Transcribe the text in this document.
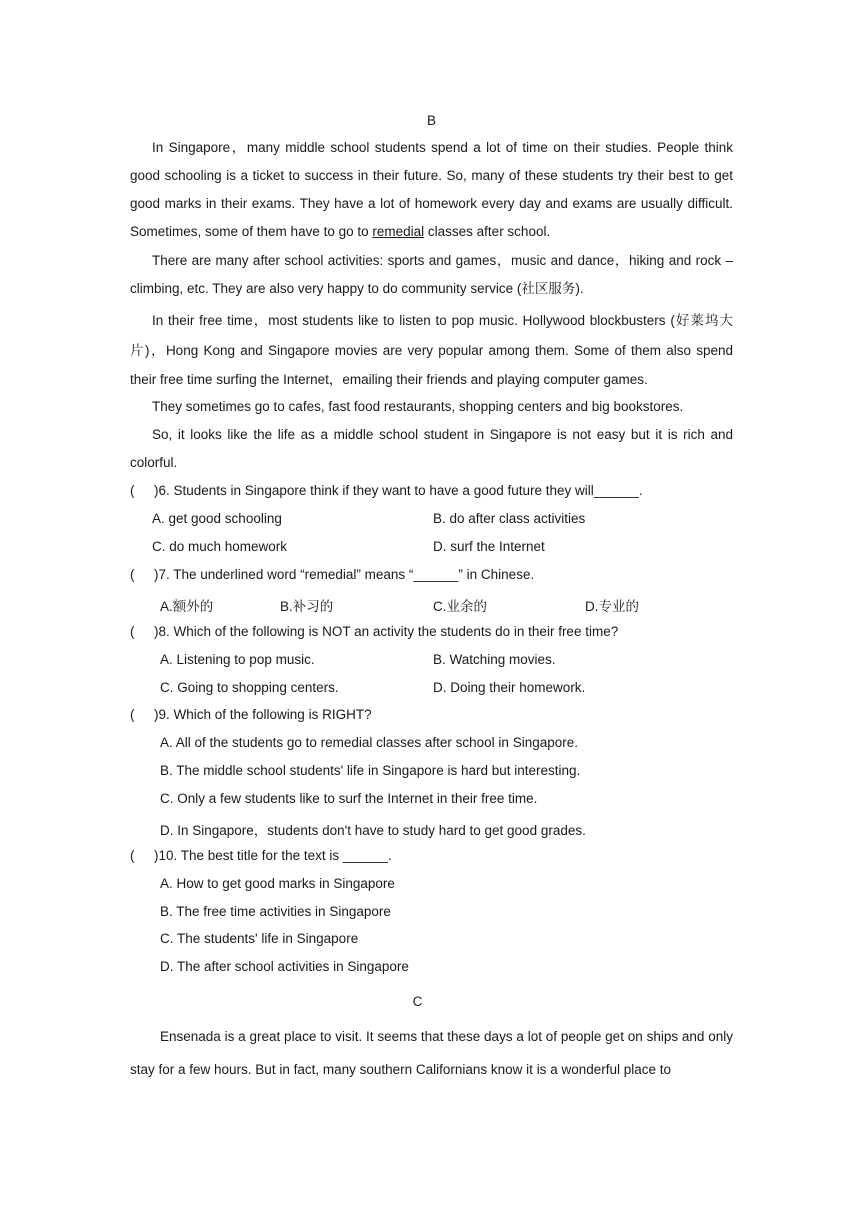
B
In Singapore，many middle school students spend a lot of time on their studies. People think good schooling is a ticket to success in their future. So, many of these students try their best to get good marks in their exams. They have a lot of homework every day and exams are usually difficult. Sometimes, some of them have to go to remedial classes after school.
There are many after school activities: sports and games，music and dance，hiking and rock –climbing, etc. They are also very happy to do community service (社区服务).
In their free time，most students like to listen to pop music. Hollywood blockbusters (好莱坞大片)，Hong Kong and Singapore movies are very popular among them. Some of them also spend their free time surfing the Internet，emailing their friends and playing computer games.
They sometimes go to cafes, fast food restaurants, shopping centers and big bookstores.
So, it looks like the life as a middle school student in Singapore is not easy but it is rich and colorful.
( )6. Students in Singapore think if they want to have a good future they will______.
A. get good schooling	B. do after class activities
C. do much homework	D. surf the Internet
( )7. The underlined word “remedial” means “______” in Chinese.
A.额外的	B.补习的	C.业余的	D.专业的
( )8. Which of the following is NOT an activity the students do in their free time?
A. Listening to pop music.	B. Watching movies.
C. Going to shopping centers.	D. Doing their homework.
( )9. Which of the following is RIGHT?
A. All of the students go to remedial classes after school in Singapore.
B. The middle school students' life in Singapore is hard but interesting.
C. Only a few students like to surf the Internet in their free time.
D. In Singapore，students don't have to study hard to get good grades.
( )10. The best title for the text is ______.
A. How to get good marks in Singapore
B. The free time activities in Singapore
C. The students' life in Singapore
D. The after school activities in Singapore
C
Ensenada is a great place to visit. It seems that these days a lot of people get on ships and only stay for a few hours. But in fact, many southern Californians know it is a wonderful place to
